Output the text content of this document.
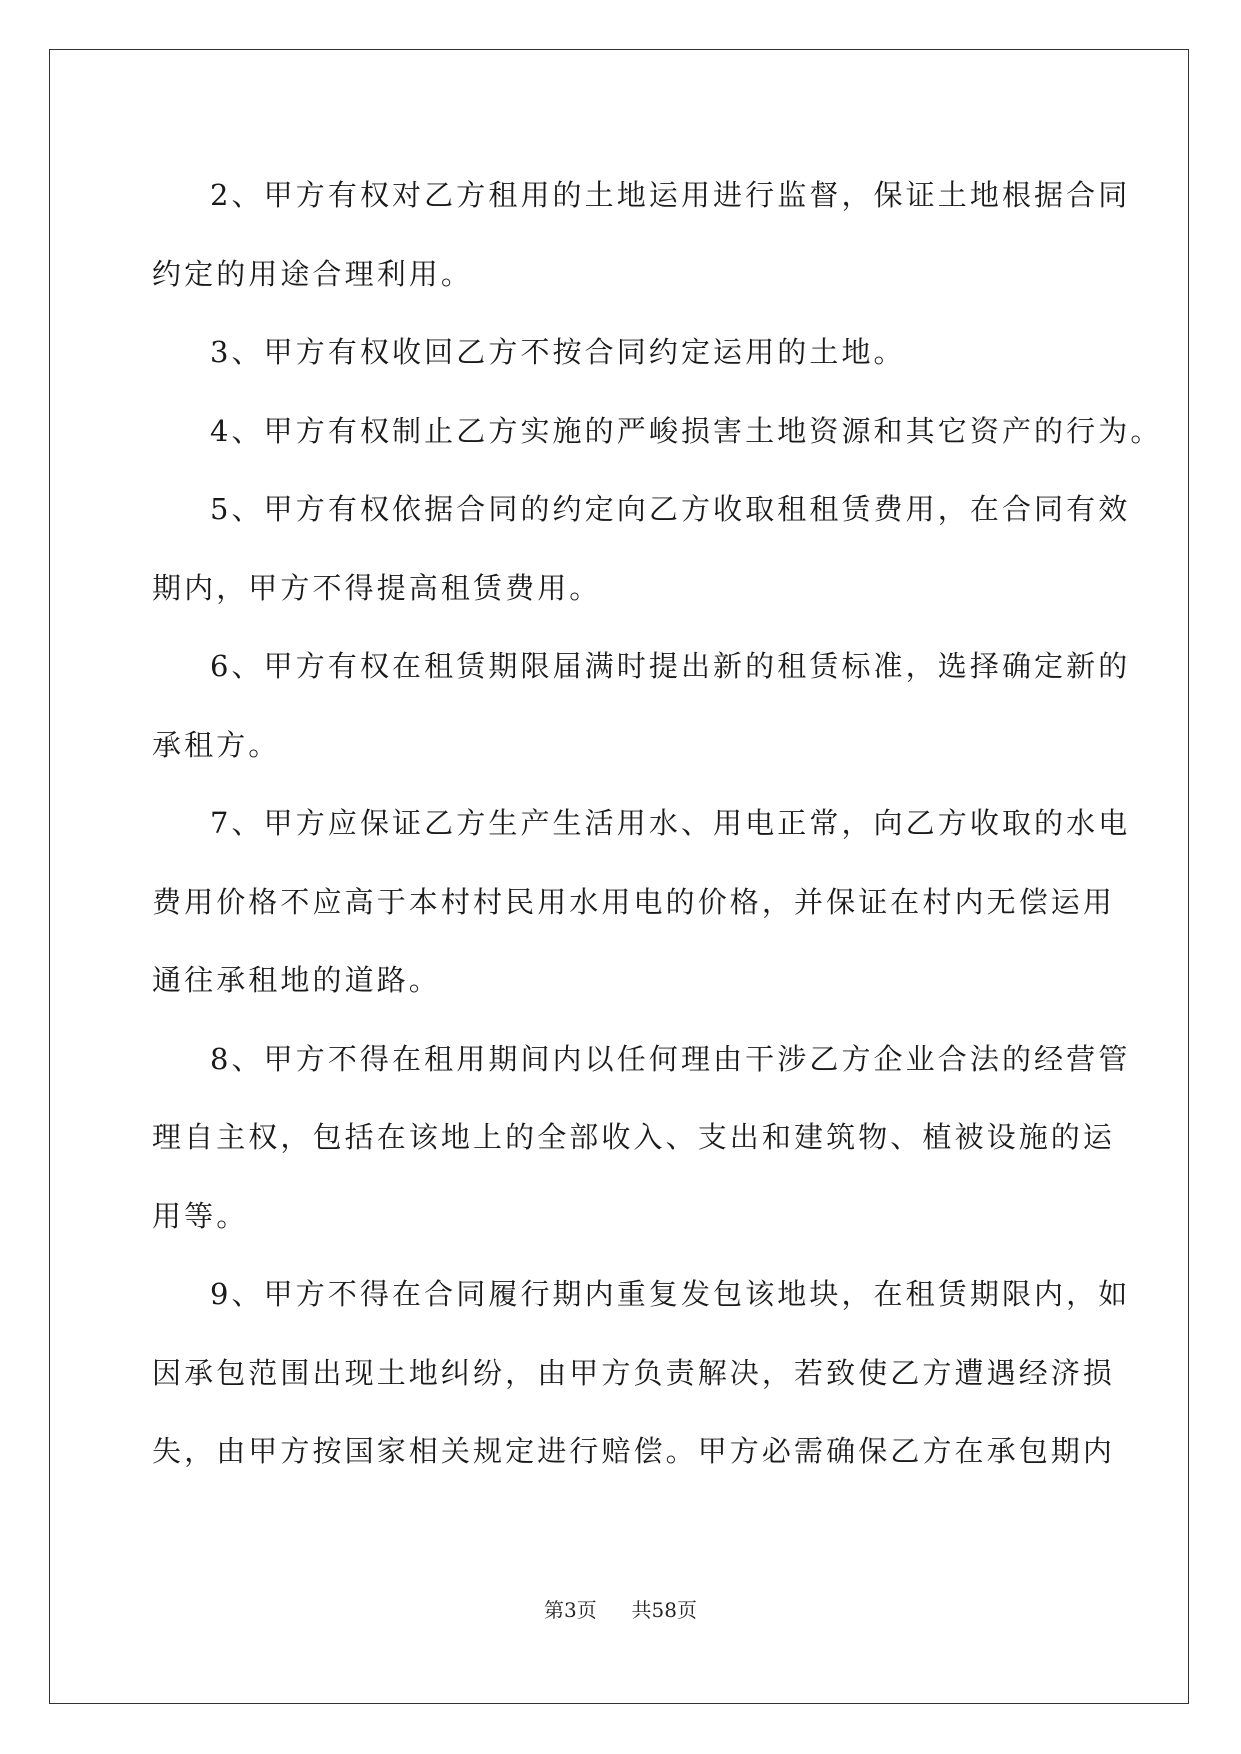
2、甲方有权对乙方租用的土地运用进行监督，保证土地根据合同
约定的用途合理利用。
3、甲方有权收回乙方不按合同约定运用的土地。
4、甲方有权制止乙方实施的严峻损害土地资源和其它资产的行为。
5、甲方有权依据合同的约定向乙方收取租租赁费用，在合同有效
期内，甲方不得提高租赁费用。
6、甲方有权在租赁期限届满时提出新的租赁标准，选择确定新的
承租方。
7、甲方应保证乙方生产生活用水、用电正常，向乙方收取的水电
费用价格不应高于本村村民用水用电的价格，并保证在村内无偿运用
通往承租地的道路。
8、甲方不得在租用期间内以任何理由干涉乙方企业合法的经营管
理自主权，包括在该地上的全部收入、支出和建筑物、植被设施的运
用等。
9、甲方不得在合同履行期内重复发包该地块，在租赁期限内，如
因承包范围出现土地纠纷，由甲方负责解决，若致使乙方遭遇经济损
失，由甲方按国家相关规定进行赔偿。甲方必需确保乙方在承包期内
第3页 共58页
